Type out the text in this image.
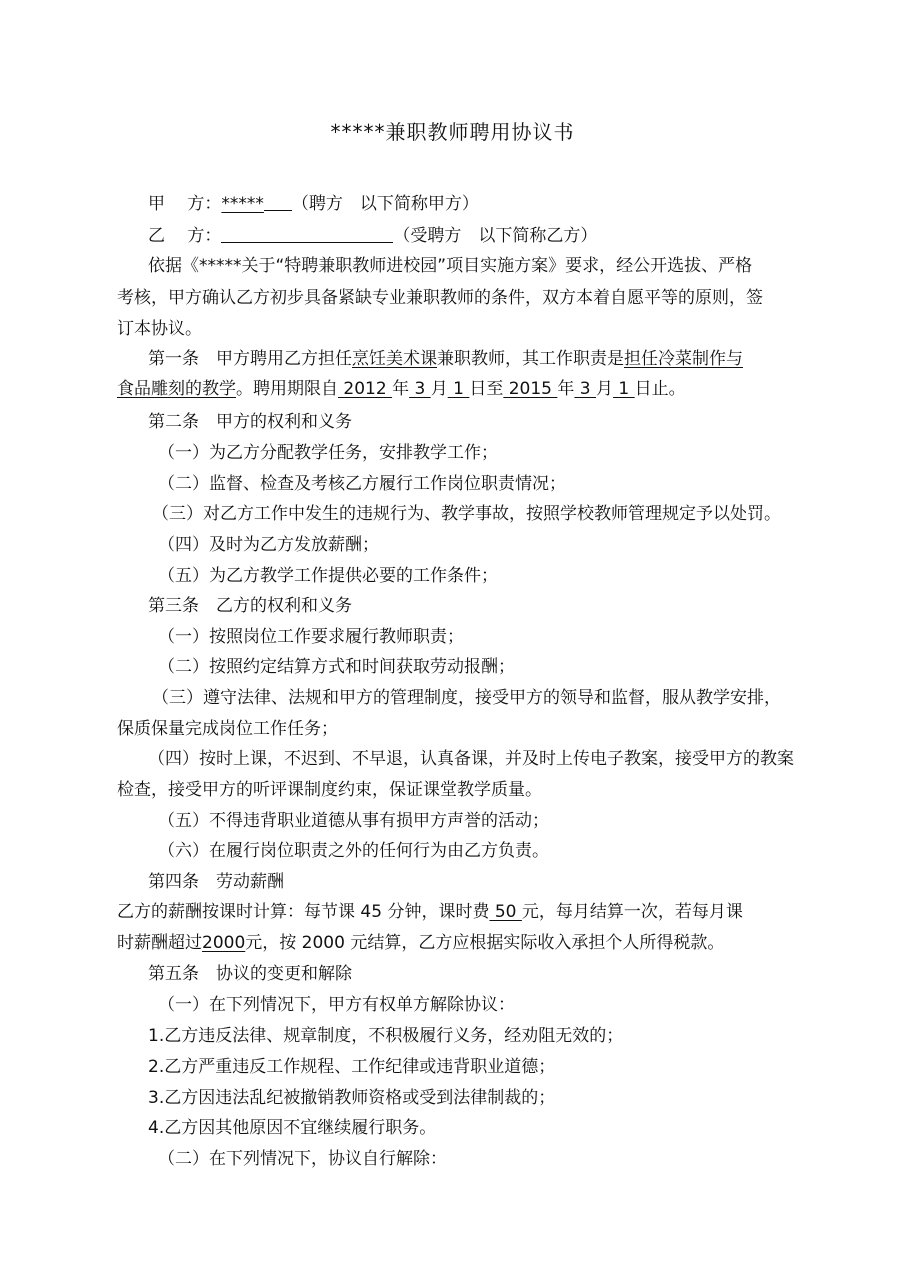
*****兼职教师聘用协议书
甲　 方：***** （聘方　以下简称甲方）
乙　 方：	（受聘方　以下简称乙方）
依据《*****关于“特聘兼职教师进校园”项目实施方案》要求，经公开选拔、严格
考核，甲方确认乙方初步具备紧缺专业兼职教师的条件，双方本着自愿平等的原则，签
订本协议。
第一条　甲方聘用乙方担任烹饪美术课兼职教师，其工作职责是担任冷菜制作与
食品雕刻的教学。聘用期限自 2012 年 3 月 1 日至 2015 年 3 月 1 日止。
第二条　甲方的权利和义务
（一）为乙方分配教学任务，安排教学工作；
（二）监督、检查及考核乙方履行工作岗位职责情况；
（三）对乙方工作中发生的违规行为、教学事故，按照学校教师管理规定予以处罚。
（四）及时为乙方发放薪酬；
（五）为乙方教学工作提供必要的工作条件；
第三条　乙方的权利和义务
（一）按照岗位工作要求履行教师职责；
（二）按照约定结算方式和时间获取劳动报酬；
（三）遵守法律、法规和甲方的管理制度，接受甲方的领导和监督，服从教学安排，
保质保量完成岗位工作任务；
（四）按时上课，不迟到、不早退，认真备课，并及时上传电子教案，接受甲方的教案
检查，接受甲方的听评课制度约束，保证课堂教学质量。
（五）不得违背职业道德从事有损甲方声誉的活动；
（六）在履行岗位职责之外的任何行为由乙方负责。
第四条　劳动薪酬
乙方的薪酬按课时计算：每节课 45 分钟，课时费 50 元，每月结算一次，若每月课
时薪酬超过2000元，按 2000 元结算，乙方应根据实际收入承担个人所得税款。
第五条　协议的变更和解除
（一）在下列情况下，甲方有权单方解除协议：
1.乙方违反法律、规章制度，不积极履行义务，经劝阻无效的；
2.乙方严重违反工作规程、工作纪律或违背职业道德；
3.乙方因违法乱纪被撤销教师资格或受到法律制裁的；
4.乙方因其他原因不宜继续履行职务。
（二）在下列情况下，协议自行解除：
